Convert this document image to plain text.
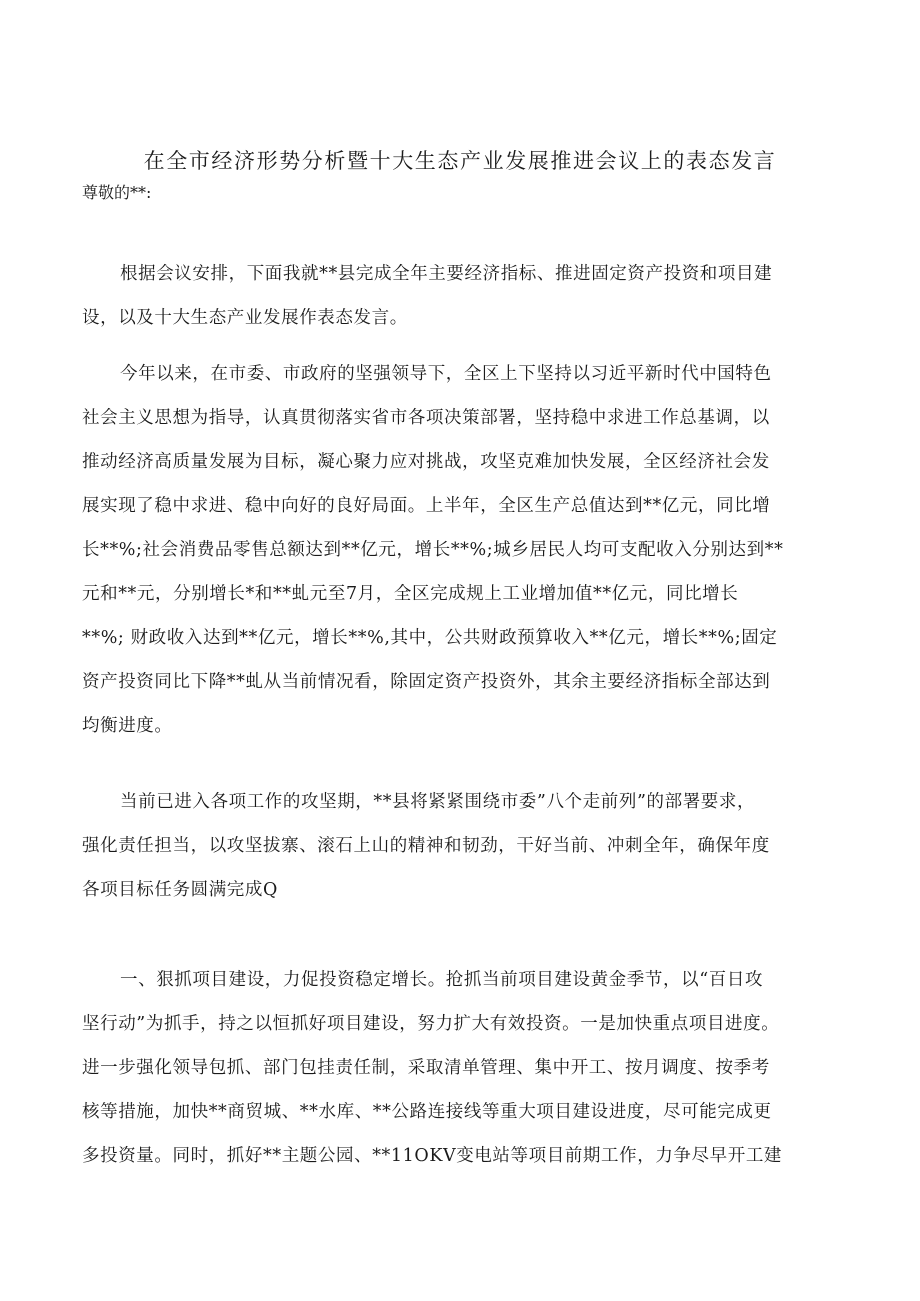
在全市经济形势分析暨十大生态产业发展推进会议上的表态发言
尊敬的**:
根据会议安排，下面我就**县完成全年主要经济指标、推进固定资产投资和项目建
设，以及十大生态产业发展作表态发言。
今年以来，在市委、市政府的坚强领导下，全区上下坚持以习近平新时代中国特色
社会主义思想为指导，认真贯彻落实省市各项决策部署，坚持稳中求进工作总基调，以
推动经济高质量发展为目标，凝心聚力应对挑战，攻坚克难加快发展，全区经济社会发
展实现了稳中求进、稳中向好的良好局面。上半年，全区生产总值达到**亿元，同比增
长**%;社会消费品零售总额达到**亿元，增长**%;城乡居民人均可支配收入分别达到**
元和**元，分别增长*和**虬元至7月，全区完成规上工业增加值**亿元，同比增长
**%; 财政收入达到**亿元，增长**%,其中，公共财政预算收入**亿元，增长**%;固定
资产投资同比下降**虬从当前情况看，除固定资产投资外，其余主要经济指标全部达到
均衡进度。
当前已进入各项工作的攻坚期，**县将紧紧围绕市委”八个走前列”的部署要求，
强化责任担当，以攻坚拔寨、滚石上山的精神和韧劲，干好当前、冲刺全年，确保年度
各项目标任务圆满完成Q
一、狠抓项目建设，力促投资稳定增长。抢抓当前项目建设黄金季节，以“百日攻
坚行动”为抓手，持之以恒抓好项目建设，努力扩大有效投资。一是加快重点项目进度。
进一步强化领导包抓、部门包挂责任制，采取清单管理、集中开工、按月调度、按季考
核等措施，加快**商贸城、**水库、**公路连接线等重大项目建设进度，尽可能完成更
多投资量。同时，抓好**主题公园、**11OKV变电站等项目前期工作，力争尽早开工建
